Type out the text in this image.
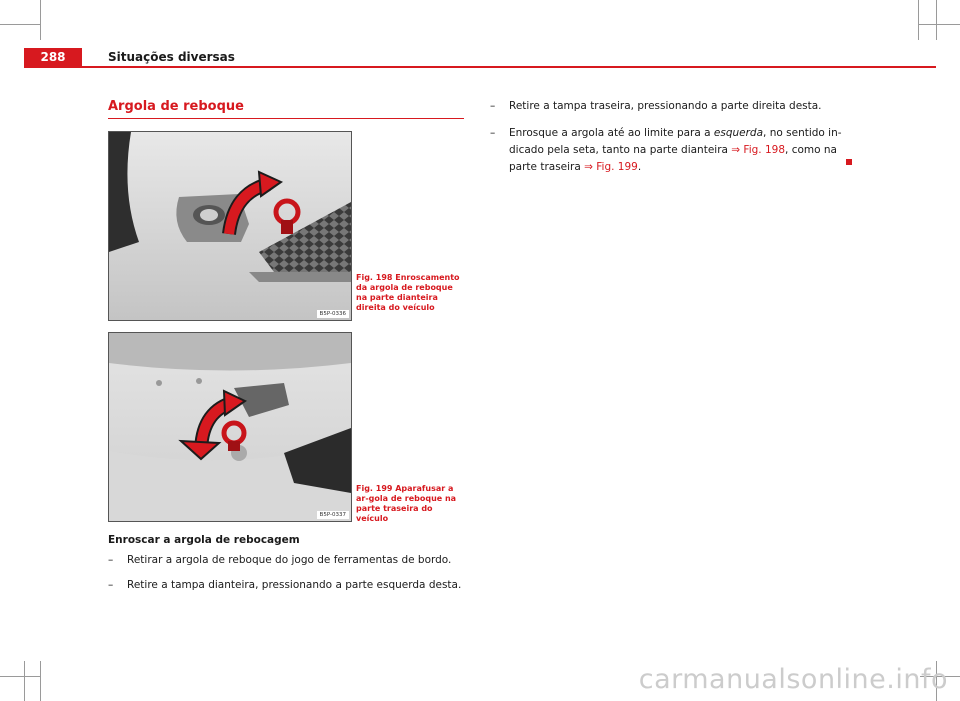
288	Situações diversas
Argola de reboque
B5P-0336
Fig. 198 Enroscamento da argola de reboque na parte dianteira direita do veículo
B5P-0337
Fig. 199 Aparafusar a ar-gola de reboque na parte traseira do veículo
Enroscar a argola de rebocagem
– Retirar a argola de reboque do jogo de ferramentas de bordo.
– Retire a tampa dianteira, pressionando a parte esquerda desta.
– Retire a tampa traseira, pressionando a parte direita desta.
– Enrosque a argola até ao limite para a esquerda, no sentido in-dicado pela seta, tanto na parte dianteira ⇒ Fig. 198, como na parte traseira ⇒ Fig. 199.
carmanualsonline.info
